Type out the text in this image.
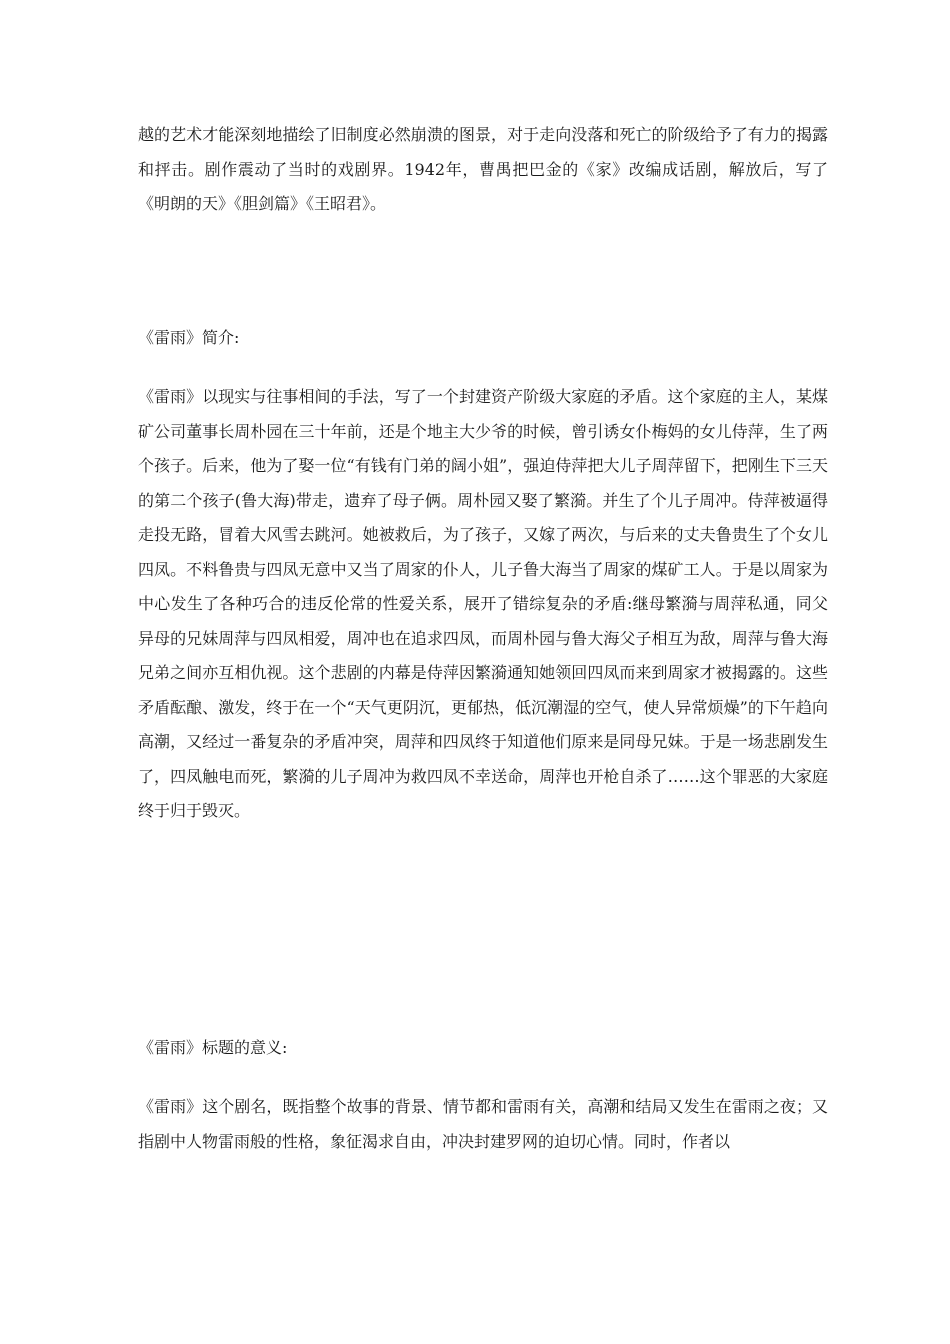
越的艺术才能深刻地描绘了旧制度必然崩溃的图景，对于走向没落和死亡的阶级给予了有力的揭露和抨击。剧作震动了当时的戏剧界。1942年，曹禺把巴金的《家》改编成话剧，解放后，写了《明朗的天》《胆剑篇》《王昭君》。

《雷雨》简介:

《雷雨》以现实与往事相间的手法，写了一个封建资产阶级大家庭的矛盾。这个家庭的主人，某煤矿公司董事长周朴园在三十年前，还是个地主大少爷的时候，曾引诱女仆梅妈的女儿侍萍，生了两个孩子。后来，他为了娶一位“有钱有门弟的阔小姐”，强迫侍萍把大儿子周萍留下，把刚生下三天的第二个孩子(鲁大海)带走，遗弃了母子俩。周朴园又娶了繁漪。并生了个儿子周冲。侍萍被逼得走投无路，冒着大风雪去跳河。她被救后，为了孩子，又嫁了两次，与后来的丈夫鲁贵生了个女儿四凤。不料鲁贵与四凤无意中又当了周家的仆人，儿子鲁大海当了周家的煤矿工人。于是以周家为中心发生了各种巧合的违反伦常的性爱关系，展开了错综复杂的矛盾:继母繁漪与周萍私通，同父异母的兄妹周萍与四凤相爱，周冲也在追求四凤，而周朴园与鲁大海父子相互为敌，周萍与鲁大海兄弟之间亦互相仇视。这个悲剧的内幕是侍萍因繁漪通知她领回四凤而来到周家才被揭露的。这些矛盾酝酿、激发，终于在一个“天气更阴沉，更郁热，低沉潮湿的空气，使人异常烦燥”的下午趋向高潮，又经过一番复杂的矛盾冲突，周萍和四凤终于知道他们原来是同母兄妹。于是一场悲剧发生了，四凤触电而死，繁漪的儿子周冲为救四凤不幸送命，周萍也开枪自杀了……这个罪恶的大家庭终于归于毁灭。

《雷雨》标题的意义:

《雷雨》这个剧名，既指整个故事的背景、情节都和雷雨有关，高潮和结局又发生在雷雨之夜；又指剧中人物雷雨般的性格，象征渴求自由，冲决封建罗网的迫切心情。同时，作者以
